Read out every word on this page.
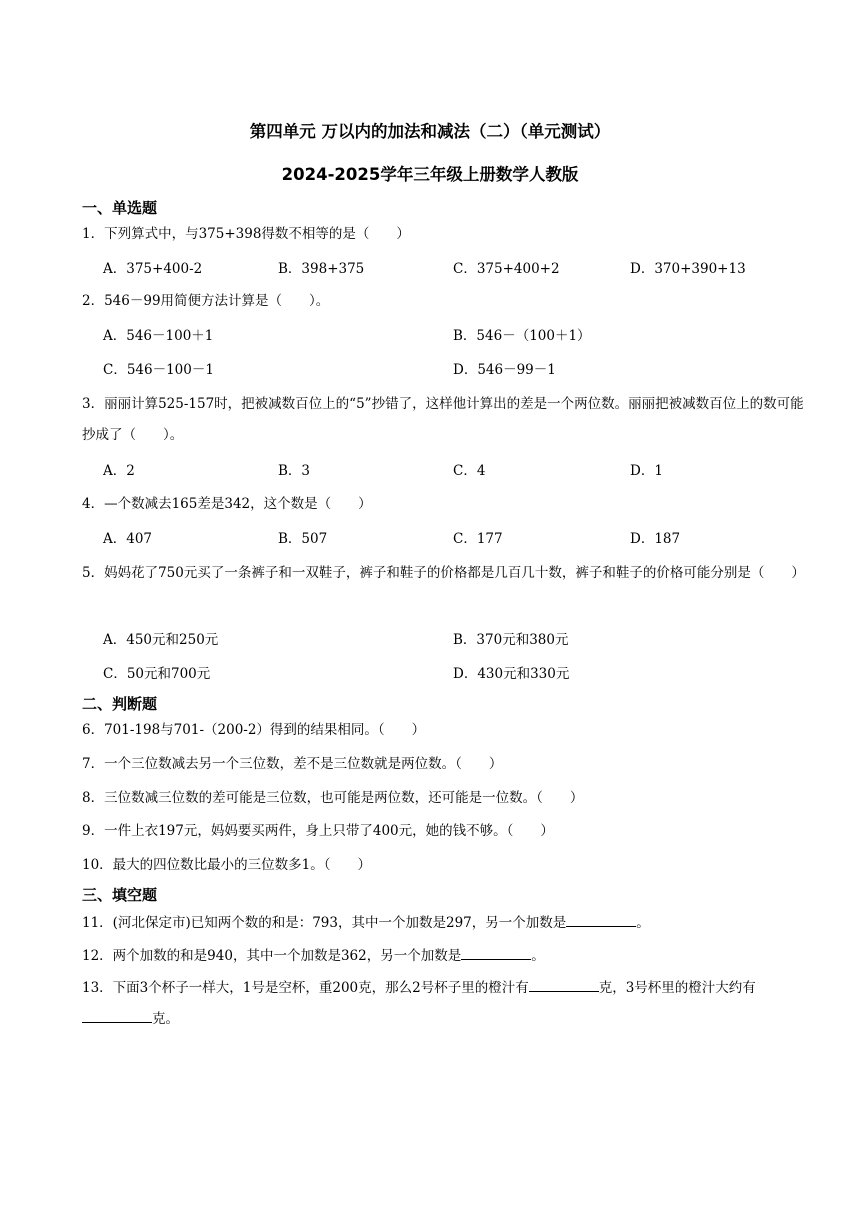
第四单元 万以内的加法和减法（二）（单元测试）
2024-2025学年三年级上册数学人教版
一、单选题
1．下列算式中，与375+398得数不相等的是（　　）
A．375+400-2	B．398+375	C．375+400+2	D．370+390+13
2．546－99用简便方法计算是（　　）。
A．546－100＋1	B．546－（100＋1）
C．546－100－1	D．546－99－1
3．丽丽计算525-157时，把被减数百位上的“5”抄错了，这样他计算出的差是一个两位数。丽丽把被减数百位上的数可能抄成了（　　）。
A．2	B．3	C．4	D．1
4．—个数减去165差是342，这个数是（　　）
A．407	B．507	C．177	D．187
5．妈妈花了750元买了一条裤子和一双鞋子，裤子和鞋子的价格都是几百几十数，裤子和鞋子的价格可能分别是（　　）
A．450元和250元	B．370元和380元
C．50元和700元	D．430元和330元
二、判断题
6．701-198与701-（200-2）得到的结果相同。（　　）
7．一个三位数减去另一个三位数，差不是三位数就是两位数。（　　）
8．三位数减三位数的差可能是三位数，也可能是两位数，还可能是一位数。（　　）
9．一件上衣197元，妈妈要买两件，身上只带了400元，她的钱不够。（　　）
10．最大的四位数比最小的三位数多1。（　　）
三、填空题
11．(河北保定市)已知两个数的和是：793，其中一个加数是297，另一个加数是	。
12．两个加数的和是940，其中一个加数是362，另一个加数是	。
13．下面3个杯子一样大，1号是空杯，重200克，那么2号杯子里的橙汁有	克，3号杯里的橙汁大约有克。
